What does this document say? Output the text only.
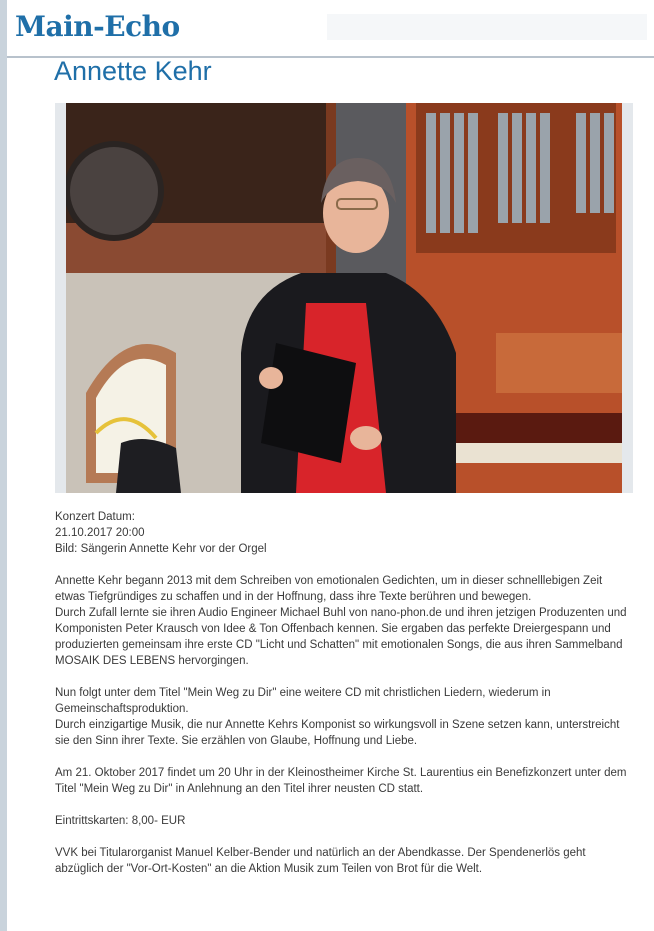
Main-Echo
Annette Kehr
Konzert Datum:
21.10.2017 20:00
Bild: Sängerin Annette Kehr vor der Orgel

Annette Kehr begann 2013 mit dem Schreiben von emotionalen Gedichten, um in dieser schnelllebigen Zeit etwas Tiefgründiges zu schaffen und in der Hoffnung, dass ihre Texte berühren und bewegen.
Durch Zufall lernte sie ihren Audio Engineer Michael Buhl von nano-phon.de und ihren jetzigen Produzenten und Komponisten Peter Krausch von Idee & Ton Offenbach kennen. Sie ergaben das perfekte Dreiergespann und produzierten gemeinsam ihre erste CD "Licht und Schatten" mit emotionalen Songs, die aus ihren Sammelband MOSAIK DES LEBENS hervorgingen.

Nun folgt unter dem Titel "Mein Weg zu Dir" eine weitere CD mit christlichen Liedern, wiederum in Gemeinschaftsproduktion.
Durch einzigartige Musik, die nur Annette Kehrs Komponist so wirkungsvoll in Szene setzen kann, unterstreicht sie den Sinn ihrer Texte. Sie erzählen von Glaube, Hoffnung und Liebe.

Am 21. Oktober 2017 findet um 20 Uhr in der Kleinostheimer Kirche St. Laurentius ein Benefizkonzert unter dem Titel "Mein Weg zu Dir" in Anlehnung an den Titel ihrer neusten CD statt.

Eintrittskarten: 8,00- EUR

VVK bei Titularorganist Manuel Kelber-Bender und natürlich an der Abendkasse. Der Spendenerlös geht abzüglich der "Vor-Ort-Kosten" an die Aktion Musik zum Teilen von Brot für die Welt.
